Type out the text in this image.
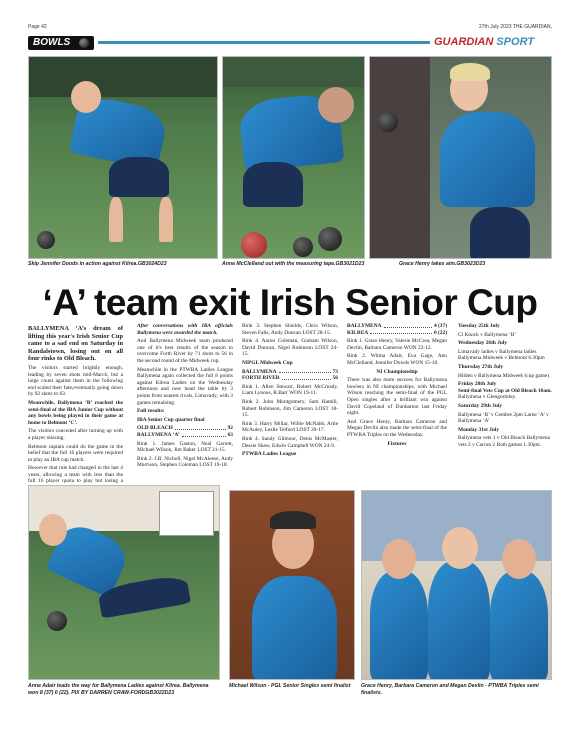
Page 42	27th July 2023 THE GUARDIAN,
BOWLS	GUARDIAN SPORT
Skip Jennifer Doods in action against Kilrea.GB3024D23	Anne McClelland out with the measuring tape.GB3021D23	Grace Henry takes aim.GB3023D23
‘A’ team exit Irish Senior Cup

BALLYMENA ‘A’s dream of lifting this year's Irish Senior Cup came to a sad end on Saturday in Randalstown, losing out on all four rinks to Old Bleach.

The visitors started brightly enough, leading by seven shots mid-March, but a large count against them in the following end scaled their fate,eventually going down by 92 shots to 63.

Meanwhile, Ballymena ‘B’ reached the semi-final of the IBA Junior Cup without any bowls being played in their game at home to Belmont ‘C’.

The visitors conceded after turning up with a player missing.

Belmont captain could do the game in the belief that the full 16 players were required to play an IBA cup match.

However that rule had changed in the last 4 years, allowing a team with less than the full 16 player quota to play but losing a

After conversations with IBA officials Ballymena were awarded the match.

And Ballymena Midweek team produced one of it's best results of the season to overcome Forth River by 71 shots to 56 in the second round of the Midweek cup.

Meanwhile in the PTWBA Ladies League Ballymena again collected the full 8 points against Kilrea Ladies on the Wednesday afternoon and now head the table by 3 points from nearest rivals, Limavady, with 3 games remaining.

Full results:

IBA Senior Cup quarter final

OLD BLEACH	92
BALLYMENA ‘A’	63

Rink 1. James Gaston, Neal Garrett, Michael Wilson, Jim Baker LOST 21-15.

Rink 2. J.R. Nicholl, Nigel McAleese, Andy Morrison, Stephen Coleman LOST 19-18.

Rink 3. Stephen Shields, Chris Wilson, Steven Falls, Andy Duncan LOST 28-15.

Rink 4. Aaron Coleman, Graham Wilson, David Duncan, Nigel Robinson LOST 24-15.

NIPGL Midweek Cup

BALLYMENA	73
FORTH RIVER	56

Rink 1. Allen Stewart, Robert McCready, Liam Lynoos, R.Barr WON 19-11.

Rink 2. John Montgomery, Sam Hamill, Robert Robinson, Jim Cameron LOST 18-15.

Rink 3. Harry Millar, Willie McNabb, Artie McAuley, Leslie Telford LOST 20-17.

Rink 4. Sandy Gilmour, Denis McMaster, Dessie Shaw, Edwin Campbell WON 24-9.

PTWBA Ladies League

BALLYMENA	4 (37)
KILREA	0 (22)

Rink 1. Grace Henry, Valerie McCrea, Megan Devlin, Barbara Cameron WON 22-12.

Rink 2. Wilma Adair, Eva Gage, Ann McClelland, Jennifer Dowds WON 15-10.

NI Championship

There was also more success for Ballymena bowlers in NI championships, with Michael Wilson reaching the semi-final of the PGL Open singles after a brilliant win against David Copeland of Dunbarton last Friday night.

And Grace Henry, Barbara Cameron and Megan Devlin also made the semi-final of the PTWBA Triples on the Wednesday.

Fixtures

Tuesday 25th July

Cl Knock v Ballymena ‘B’

Wednesday 26th July

Limavady ladies v Ballymena ladies Ballymena Midweek v Belmont 6.30pm

Thursday 27th July

Hilden v Ballymena Midweek (cup game)

Friday 28th July

Semi-final Vets Cup at Old Bleach 10am.

Ballymena v Glengormley.

Saturday 29th July

Ballymena ‘B’ v Cembre 2pm Larne ‘A’ v Ballymena ‘A’

Monday 31st July

Ballymena vets 1 v Old Bleach Ballymena vets 2 v Carrun 2 Both games 1.30pm.

Anne Adair leads the way for Ballymena Ladies against Kilrea. Ballymena won 8 (37) 0 (22). PIX BY DARREN CRAW-FORDGB3022D23
Michael Wilson - PGL Senior Singles semi finalist	Grace Henry, Barbara Cameron and Megan Devlin - PTWBA Triples semi finalists.
